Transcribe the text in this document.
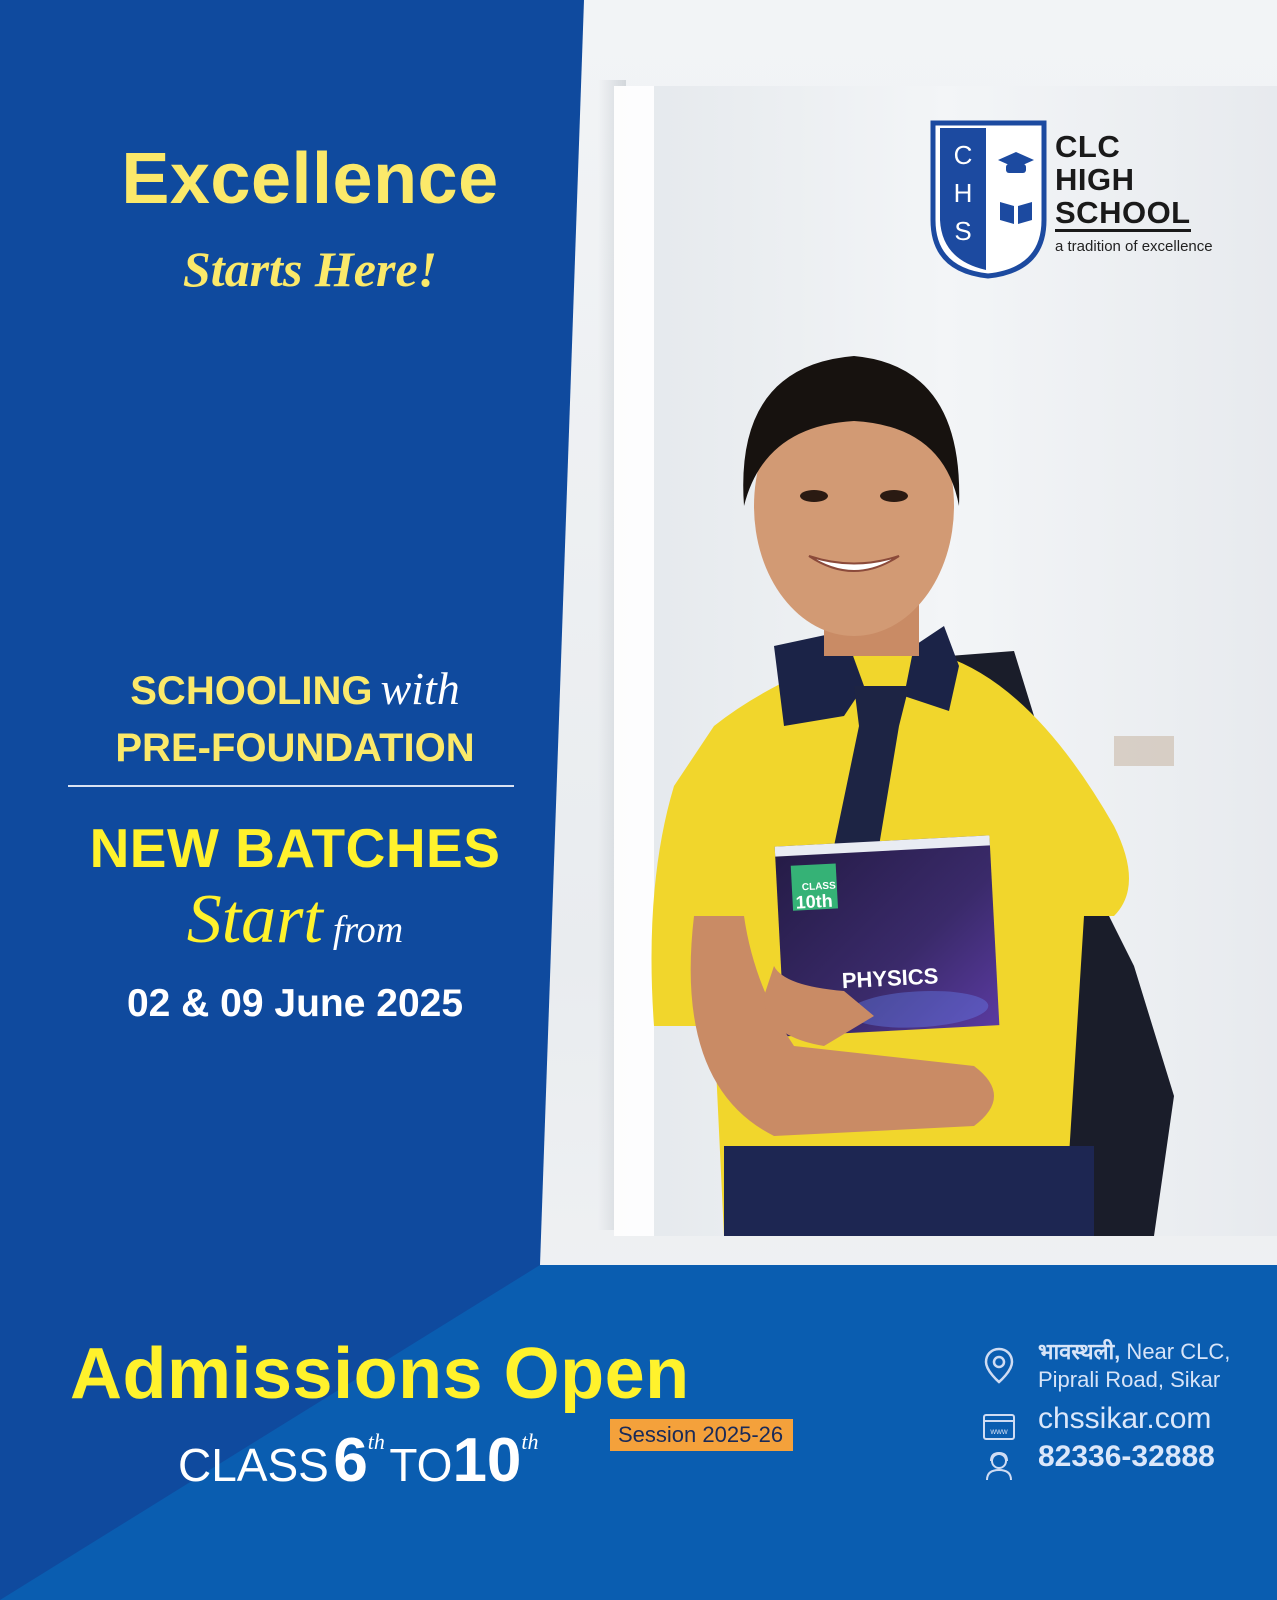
CLASS
10th
PHYSICS
C
H
S
CLC
HIGH
SCHOOL
a tradition of excellence
Excellence
Starts Here!
SCHOOLING with
PRE-FOUNDATION
NEW BATCHES
Start from
02 & 09 June 2025
Admissions Open
CLASS 6th TO10th	Session 2025-26
भावस्थली, Near CLC,
Piprali Road, Sikar
www chssikar.com
82336-32888
